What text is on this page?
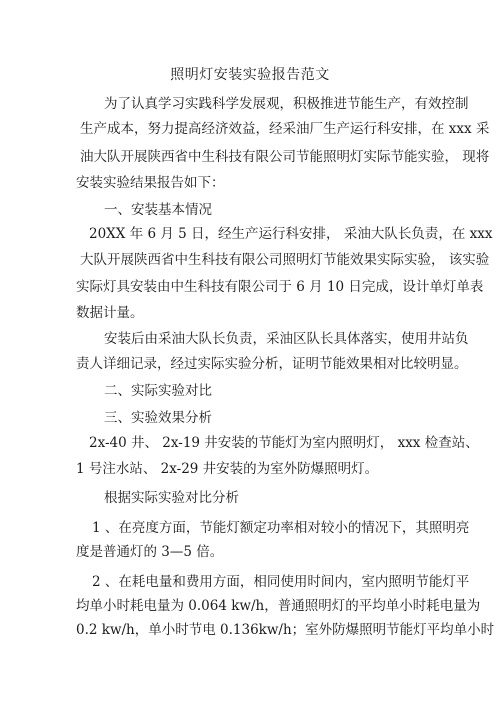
照明灯安装实验报告范文
为了认真学习实践科学发展观，积极推进节能生产，有效控制
生产成本，努力提高经济效益，经采油厂生产运行科安排，在 xxx 采
油大队开展陕西省中生科技有限公司节能照明灯实际节能实验， 现将
安装实验结果报告如下：
一、安装基本情况
20XX 年 6 月 5 日，经生产运行科安排， 采油大队长负责，在 xxx
大队开展陕西省中生科技有限公司照明灯节能效果实际实验， 该实验
实际灯具安装由中生科技有限公司于 6 月 10 日完成，设计单灯单表
数据计量。
安装后由采油大队长负责，采油区队长具体落实，使用井站负
责人详细记录，经过实际实验分析，证明节能效果相对比较明显。
二、实际实验对比
三、实验效果分析
2x-40 井、 2x-19 井安装的节能灯为室内照明灯， xxx 检查站、
1 号注水站、 2x-29 井安装的为室外防爆照明灯。
根据实际实验对比分析
1 、在亮度方面，节能灯额定功率相对较小的情况下，其照明亮
度是普通灯的 3—5 倍。
2 、在耗电量和费用方面，相同使用时间内，室内照明节能灯平
均单小时耗电量为 0.064 kw/h，普通照明灯的平均单小时耗电量为
0.2 kw/h，单小时节电 0.136kw/h；室外防爆照明节能灯平均单小时
